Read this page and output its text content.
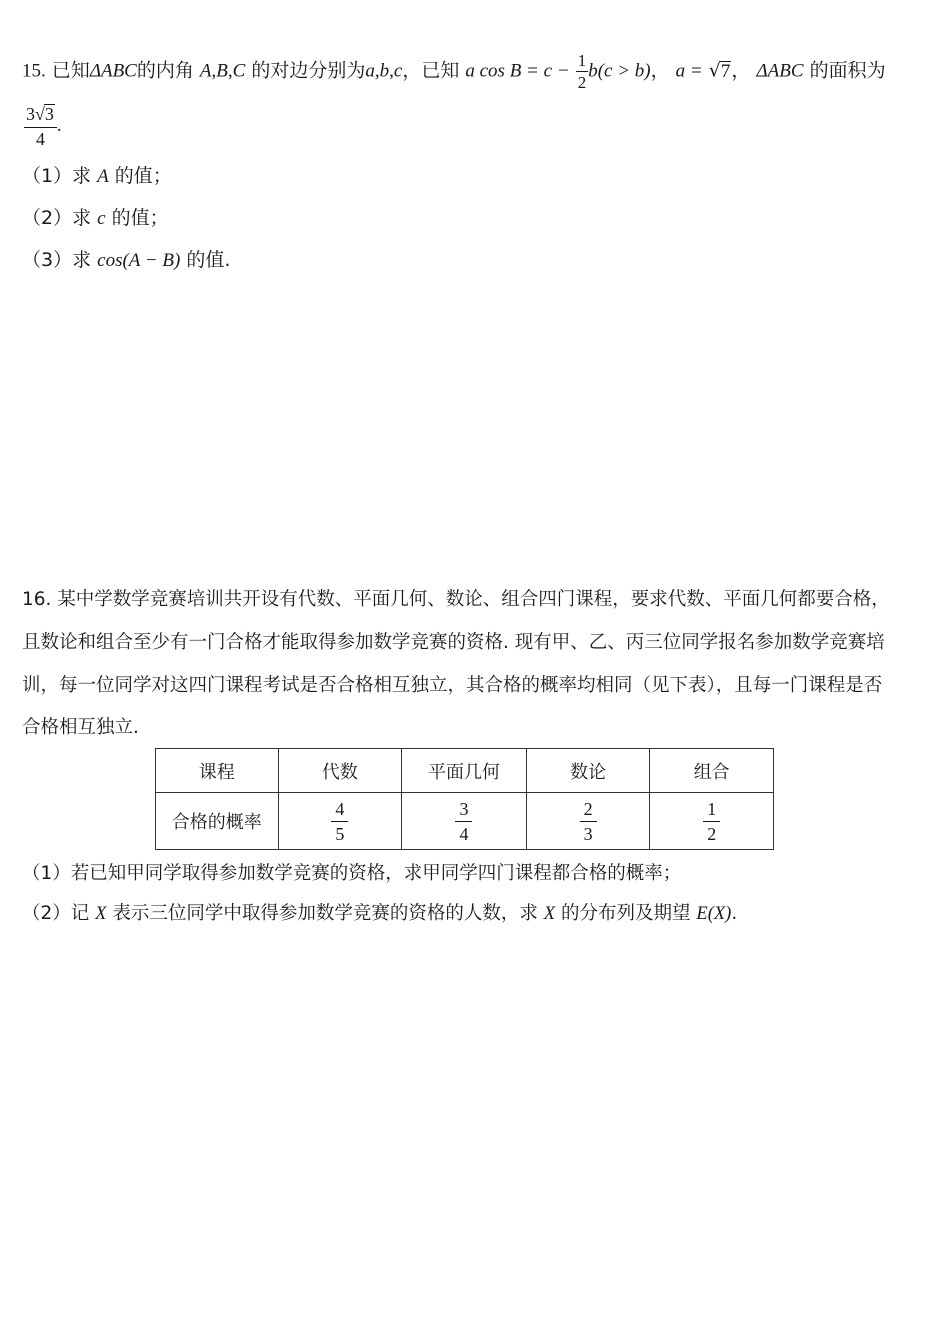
15. 已知ΔABC的内角 A,B,C 的对边分别为a,b,c，已知 a $\cos B = c - \frac{1}{2} b(c > b)$， a = √7， ΔABC 的面积为
$\frac{3√3}{4}$ .
（1）求 A 的值；
（2）求 c 的值；
（3）求 cos(A − B) 的值.
16. 某中学数学竞赛培训共开设有代数、平面几何、数论、组合四门课程，要求代数、平面几何都要合格，
且数论和组合至少有一门合格才能取得参加数学竞赛的资格. 现有甲、乙、丙三位同学报名参加数学竞赛培
训，每一位同学对这四门课程考试是否合格相互独立，其合格的概率均相同（见下表），且每一门课程是否
合格相互独立.
课程	代数	平面几何	数论	组合
合格的概率	$\frac{4}{5}$	$\frac{3}{4}$	$\frac{2}{3}$	$\frac{1}{2}$
（1）若已知甲同学取得参加数学竞赛的资格，求甲同学四门课程都合格的概率；
（2）记 X 表示三位同学中取得参加数学竞赛的资格的人数，求 X 的分布列及期望 E(X).
